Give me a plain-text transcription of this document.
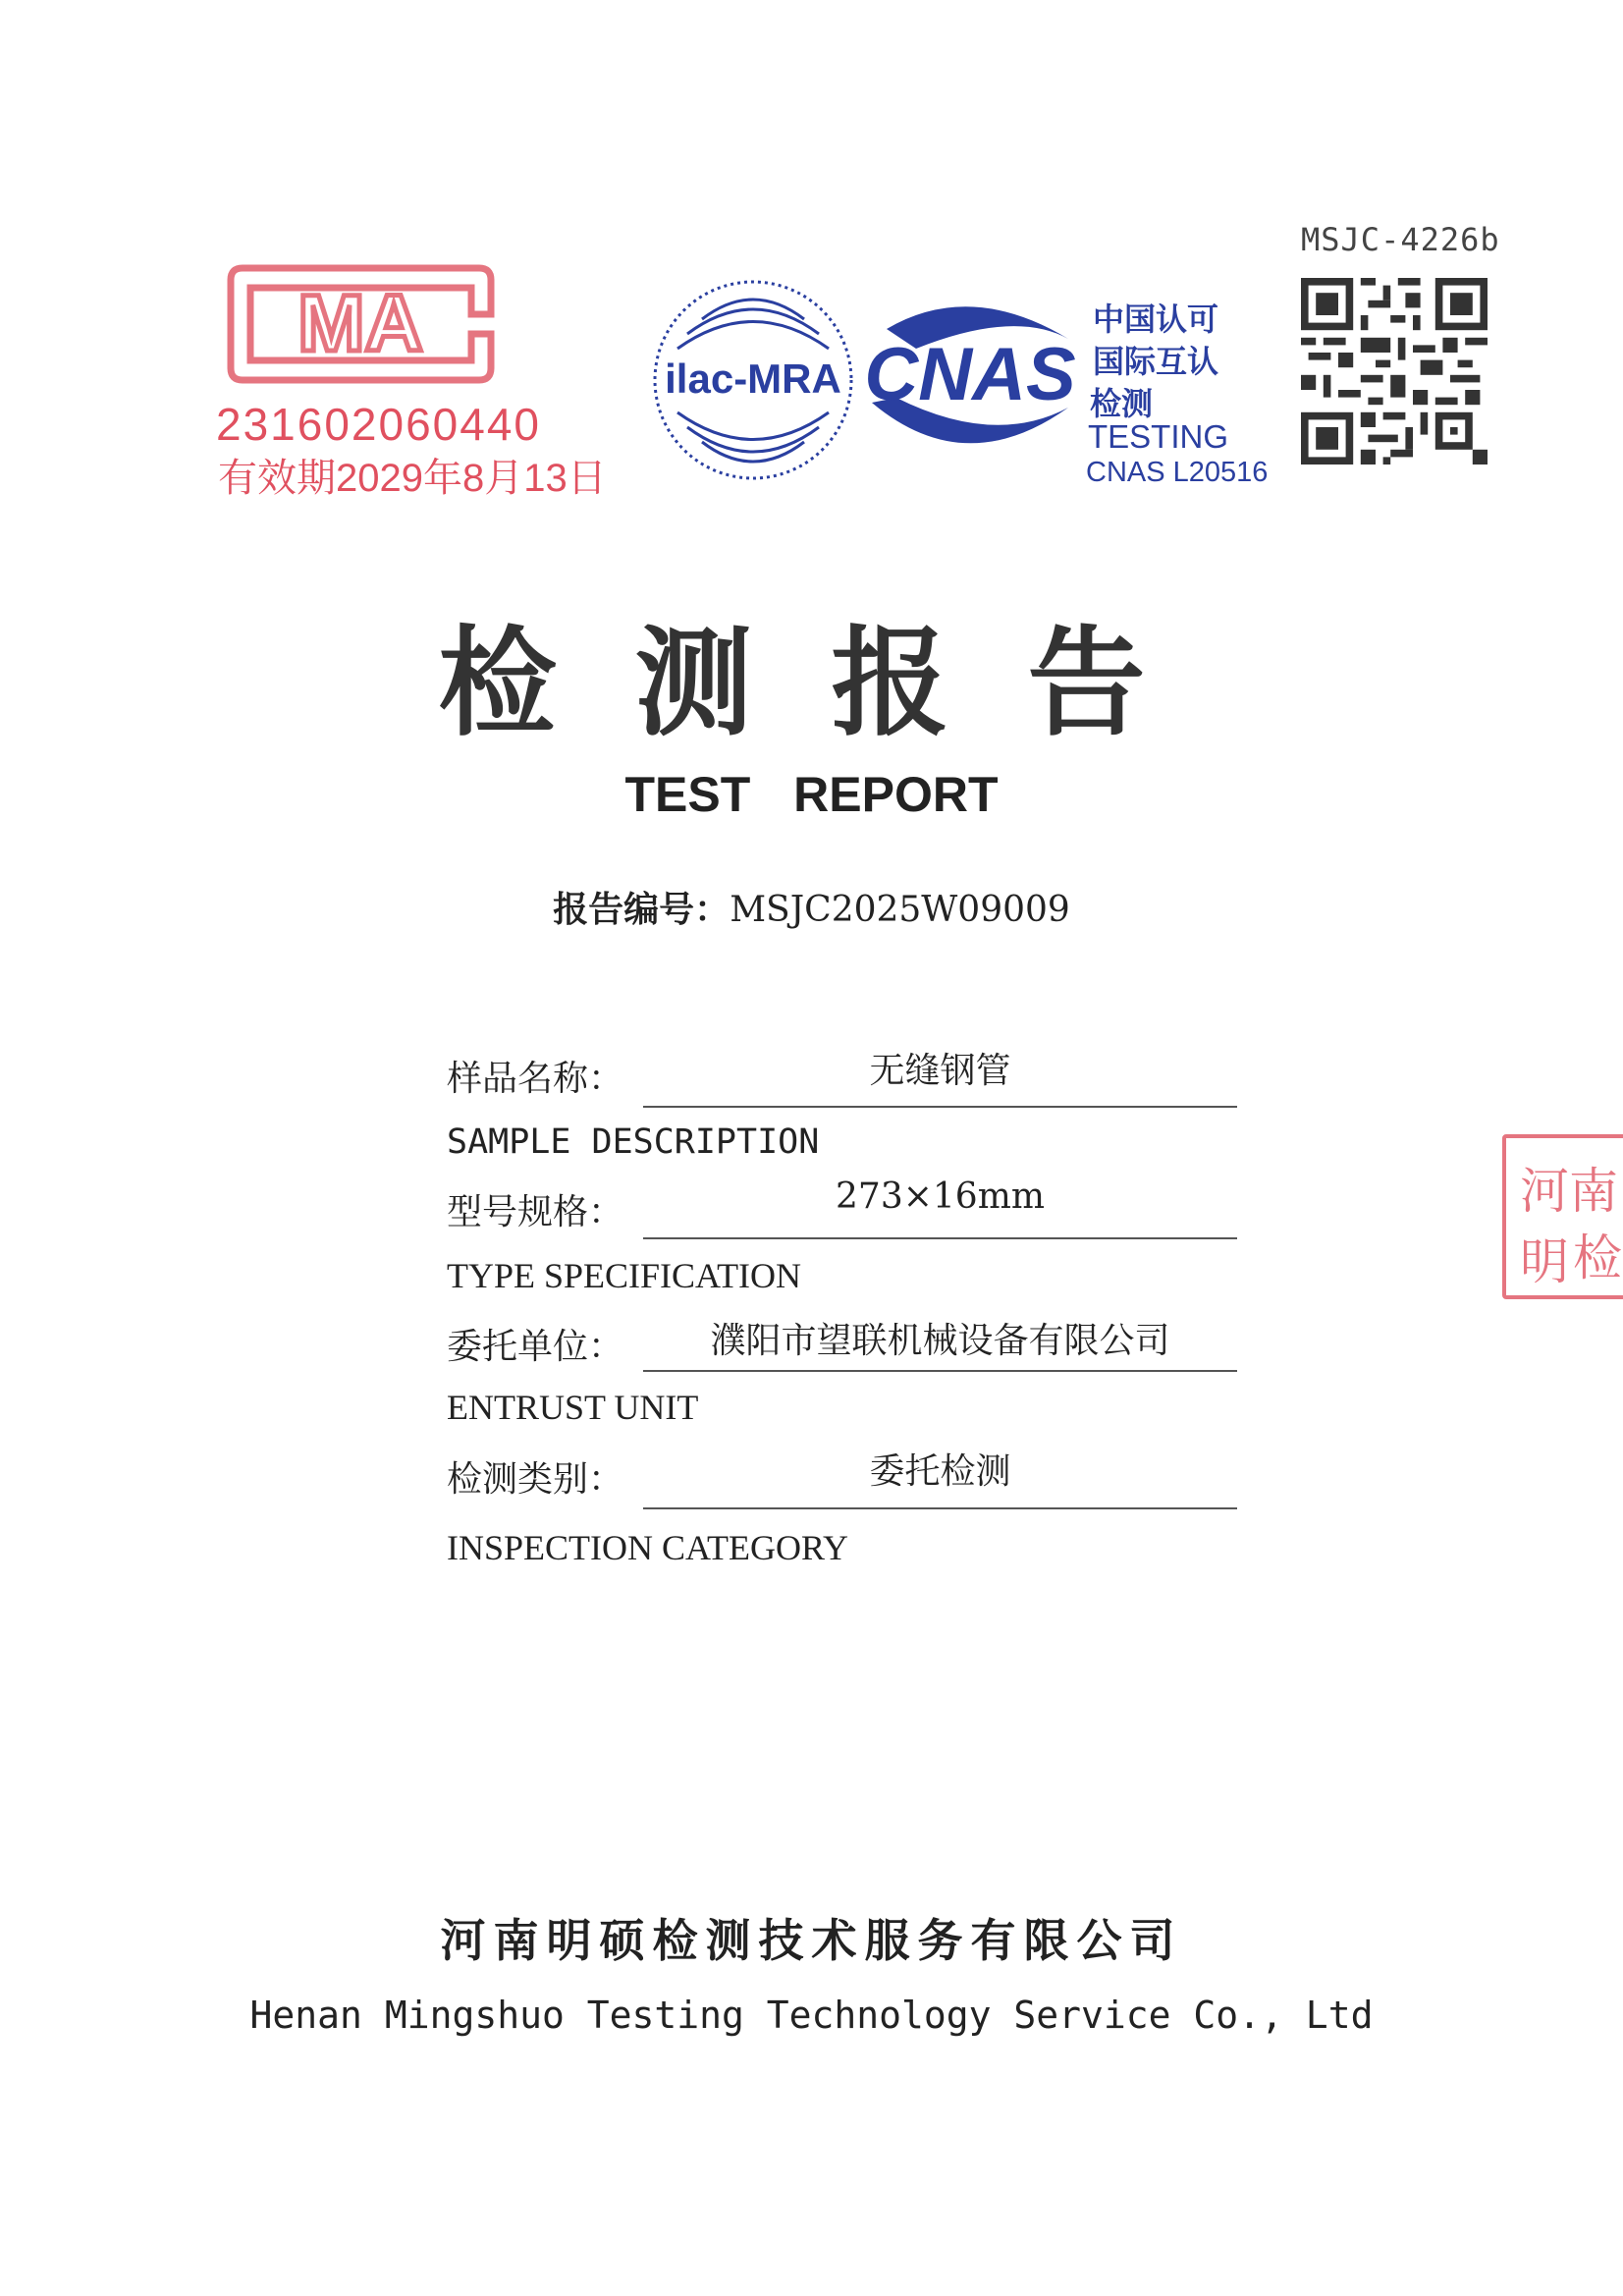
MSJC-4226b
MA
231602060440
有效期2029年8月13日
ilac-MRA CNAS
中国认可
国际互认
检测
TESTING
CNAS L20516
检测报告
TEST REPORT
报告编号：MSJC2025W09009
样品名称：	无缝钢管
SAMPLE DESCRIPTION
型号规格：	273×16mm
TYPE SPECIFICATION
委托单位：	濮阳市望联机械设备有限公司
ENTRUST UNIT
检测类别：	委托检测
INSPECTION CATEGORY
河南明 检
河南明硕检测技术服务有限公司
Henan Mingshuo Testing Technology Service Co., Ltd
